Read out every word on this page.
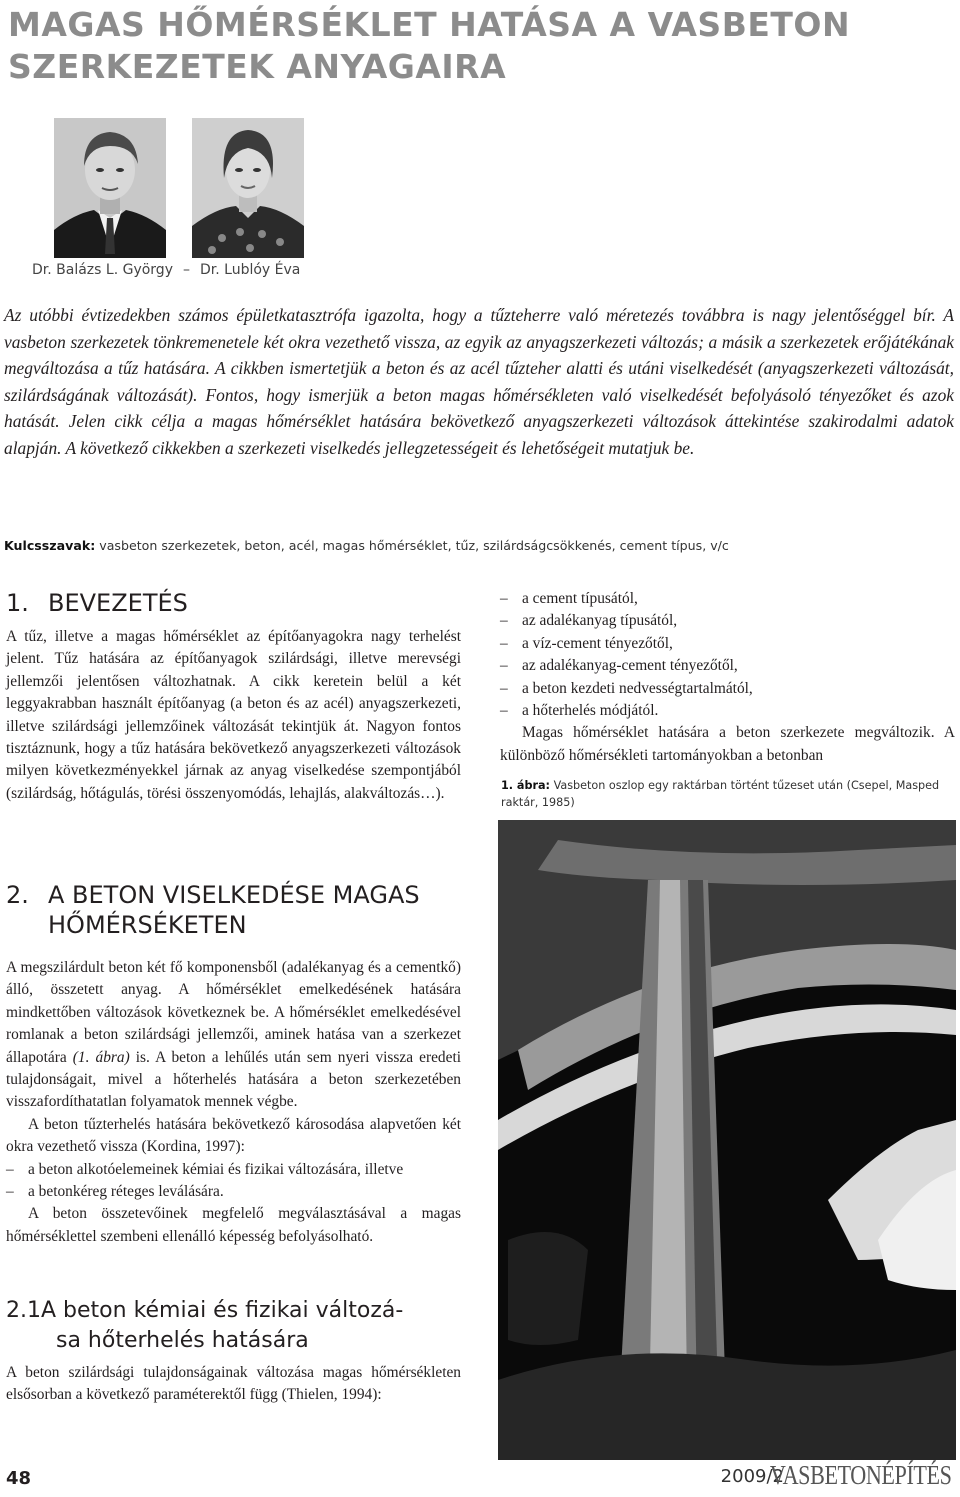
MAGAS HŐMÉRSÉKLET HATÁSA A VASBETON SZERKEZETEK ANYAGAIRA
Dr. Balázs L. György – Dr. Lublóy Éva

Az utóbbi évtizedekben számos épületkatasztrófa igazolta, hogy a tűzteherre való méretezés továbbra is nagy jelentőséggel bír. A vasbeton szerkezetek tönkremenetele két okra vezethető vissza, az egyik az anyagszerkezeti változás; a másik a szerkezetek erőjátékának megváltozása a tűz hatására. A cikkben ismertetjük a beton és az acél tűzteher alatti és utáni viselkedését (anyagszerkezeti változását, szilárdságának változását). Fontos, hogy ismerjük a beton magas hőmérsékleten való viselkedését befolyásoló tényezőket és azok hatását. Jelen cikk célja a magas hőmérséklet hatására bekövetkező anyagszerkezeti változások áttekintése szakirodalmi adatok alapján. A következő cikkekben a szerkezeti viselkedés jellegzetességeit és lehetőségeit mutatjuk be.

Kulcsszavak: vasbeton szerkezetek, beton, acél, magas hőmérséklet, tűz, szilárdságcsökkenés, cement típus, v/c
1. BEVEZETÉS

A tűz, illetve a magas hőmérséklet az építőanyagokra nagy terhelést jelent. Tűz hatására az építőanyagok szilárdsági, illetve merevségi jellemzői jelentősen változhatnak. A cikk keretein belül a két leggyakrabban használt építőanyag (a beton és az acél) anyagszerkezeti, illetve szilárdsági jellemzőinek változását tekintjük át. Nagyon fontos tisztáznunk, hogy a tűz hatására bekövetkező anyagszerkezeti változások milyen következményekkel járnak az anyag viselkedése szempontjából (szilárdság, hőtágulás, törési összenyomódás, lehajlás, alakváltozás…).

2. A BETON VISELKEDÉSE MAGAS
HŐMÉRSÉKETEN

A megszilárdult beton két fő komponensből (adalékanyag és a cementkő) álló, összetett anyag. A hőmérséklet emelkedésének hatására mindkettőben változások következnek be. A hőmérséklet emelkedésével romlanak a beton szilárdsági jellemzői, aminek hatása van a szerkezet állapotára (1. ábra) is. A beton a lehűlés után sem nyeri vissza eredeti tulajdonságait, mivel a hőterhelés hatására a beton szerkezetében visszafordíthatatlan folyamatok mennek végbe.

A beton tűzterhelés hatására bekövetkező károsodása alapvetően két okra vezethető vissza (Kordina, 1997):

– a beton alkotóelemeinek kémiai és fizikai változására, illetve
– a betonkéreg réteges leválására.

A beton összetevőinek megfelelő megválasztásával a magas hőmérséklettel szembeni ellenálló képesség befolyásolható.

2.1A beton kémiai és fizikai változá-
sa hőterhelés hatására

A beton szilárdsági tulajdonságainak változása magas hőmérsékleten elsősorban a következő paraméterektől függ (Thielen, 1994):

– a cement típusától,
– az adalékanyag típusától,
– a víz-cement tényezőtől,
– az adalékanyag-cement tényezőtől,
– a beton kezdeti nedvességtartalmától,
– a hőterhelés módjától.

Magas hőmérséklet hatására a beton szerkezete megváltozik. A különböző hőmérsékleti tartományokban a betonban

1. ábra: Vasbeton oszlop egy raktárban történt tűzeset után (Csepel, Masped raktár, 1985)
48	2009/2
VASBETONÉPÍTÉS
